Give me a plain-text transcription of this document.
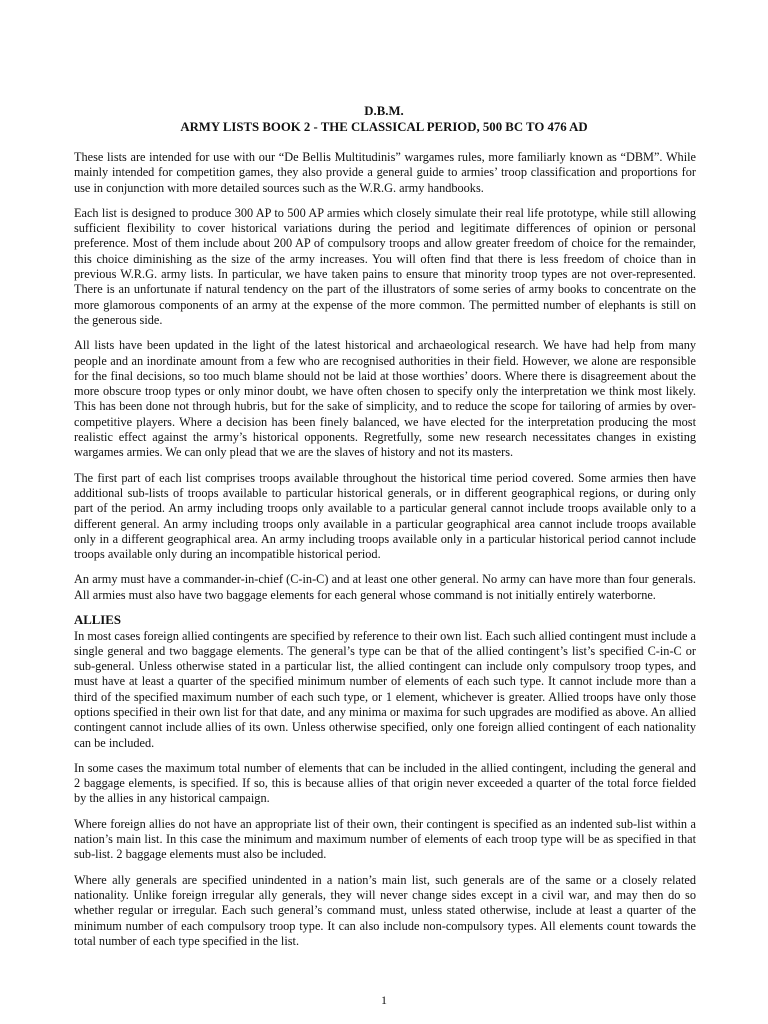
D.B.M.
ARMY LISTS BOOK 2 - THE CLASSICAL PERIOD, 500 BC TO 476 AD

These lists are intended for use with our “De Bellis Multitudinis” wargames rules, more familiarly known as “DBM”. While mainly intended for competition games, they also provide a general guide to armies’ troop classification and proportions for use in conjunction with more detailed sources such as the W.R.G. army handbooks.

Each list is designed to produce 300 AP to 500 AP armies which closely simulate their real life prototype, while still allowing sufficient flexibility to cover historical variations during the period and legitimate differences of opinion or personal preference. Most of them include about 200 AP of compulsory troops and allow greater freedom of choice for the remainder, this choice diminishing as the size of the army increases. You will often find that there is less freedom of choice than in previous W.R.G. army lists. In particular, we have taken pains to ensure that minority troop types are not over-represented. There is an unfortunate if natural tendency on the part of the illustrators of some series of army books to concentrate on the more glamorous components of an army at the expense of the more common. The permitted number of elephants is still on the generous side.

All lists have been updated in the light of the latest historical and archaeological research. We have had help from many people and an inordinate amount from a few who are recognised authorities in their field. However, we alone are responsible for the final decisions, so too much blame should not be laid at those worthies’ doors. Where there is disagreement about the more obscure troop types or only minor doubt, we have often chosen to specify only the interpretation we think most likely. This has been done not through hubris, but for the sake of simplicity, and to reduce the scope for tailoring of armies by over-competitive players. Where a decision has been finely balanced, we have elected for the interpretation producing the most realistic effect against the army’s historical opponents. Regretfully, some new research necessitates changes in existing wargames armies. We can only plead that we are the slaves of history and not its masters.

The first part of each list comprises troops available throughout the historical time period covered. Some armies then have additional sub-lists of troops available to particular historical generals, or in different geographical regions, or during only part of the period. An army including troops only available to a particular general cannot include troops available only to a different general. An army including troops only available in a particular geographical area cannot include troops available only in a different geographical area. An army including troops available only in a particular historical period cannot include troops available only during an incompatible historical period.

An army must have a commander-in-chief (C-in-C) and at least one other general. No army can have more than four generals. All armies must also have two baggage elements for each general whose command is not initially entirely waterborne.

ALLIES

In most cases foreign allied contingents are specified by reference to their own list. Each such allied contingent must include a single general and two baggage elements. The general’s type can be that of the allied contingent’s list’s specified C-in-C or sub-general. Unless otherwise stated in a particular list, the allied contingent can include only compulsory troop types, and must have at least a quarter of the specified minimum number of elements of each such type. It cannot include more than a third of the specified maximum number of each such type, or 1 element, whichever is greater. Allied troops have only those options specified in their own list for that date, and any minima or maxima for such upgrades are modified as above. An allied contingent cannot include allies of its own. Unless otherwise specified, only one foreign allied contingent of each nationality can be included.

In some cases the maximum total number of elements that can be included in the allied contingent, including the general and 2 baggage elements, is specified. If so, this is because allies of that origin never exceeded a quarter of the total force fielded by the allies in any historical campaign.

Where foreign allies do not have an appropriate list of their own, their contingent is specified as an indented sub-list within a nation’s main list. In this case the minimum and maximum number of elements of each troop type will be as specified in that sub-list. 2 baggage elements must also be included.

Where ally generals are specified unindented in a nation’s main list, such generals are of the same or a closely related nationality. Unlike foreign irregular ally generals, they will never change sides except in a civil war, and may then do so whether regular or irregular. Each such general’s command must, unless stated otherwise, include at least a quarter of the minimum number of each compulsory troop type. It can also include non-compulsory types. All elements count towards the total number of each type specified in the list.

1
